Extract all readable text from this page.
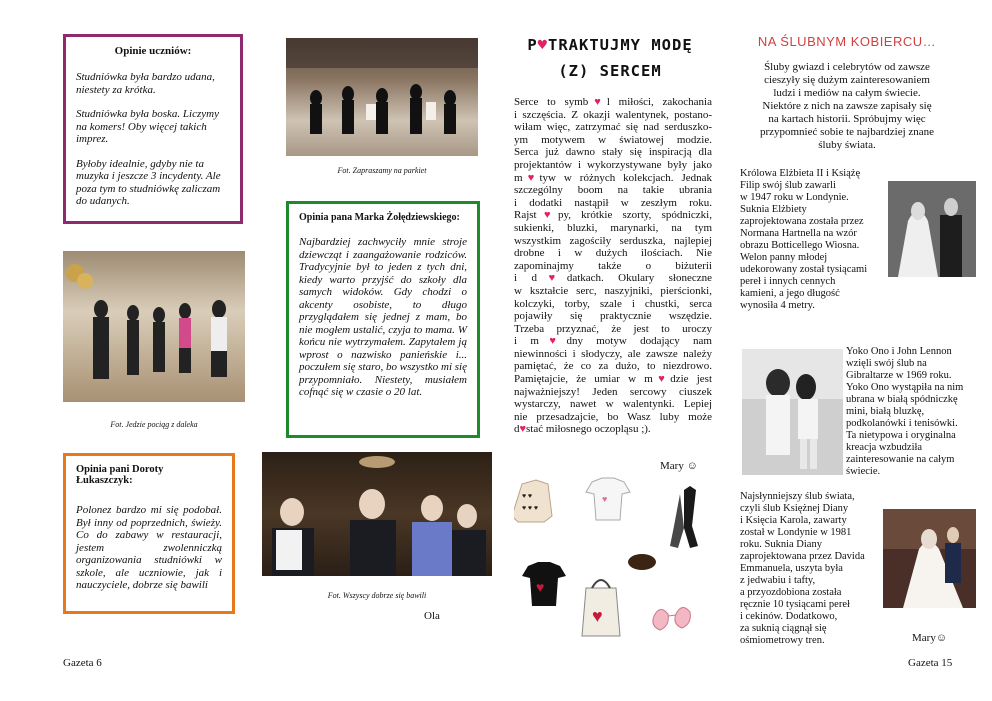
Opinie uczniów:

Studniówka była bardzo udana, niestety za krótka.

Studniówka była boska. Liczymy na komers! Oby więcej takich imprez.

Byłoby idealnie, gdyby nie ta muzyka i jeszcze 3 incydenty. Ale poza tym to studniówkę zaliczam do udanych.

Fot. Zapraszamy na parkiet
Fot. Jedzie pociąg z daleka
Opinia pana Marka Żołędziewskiego:

Najbardziej zachwyciły mnie stroje dziewcząt i zaangażowanie rodziców. Tradycyjnie był to jeden z tych dni, kiedy warto przyjść do szkoły dla samych widoków. Gdy chodzi o akcenty osobiste, to długo przyglądałem się jednej z mam, bo nie mogłem ustalić, czyja to mama. W końcu nie wytrzymałem. Zapytałem ją wprost o nazwisko panieńskie i... poczułem się staro, bo wszystko mi się przypomniało. Niestety, musiałem cofnąć się w czasie o 20 lat.

Opinia pani Doroty Łukaszczyk:

Polonez bardzo mi się podobał. Był inny od poprzednich, świeży. Co do zabawy w restauracji, jestem zwolenniczką organizowania studniówki w szkole, ale uczniowie, jak i nauczyciele, dobrze się bawili

Fot. Wszyscy dobrze się bawili
Ola
Gazeta 6
P♥TRAKTUJMY MODĘ
(Z) SERCEM
Serce to symb♥l miłości, zakochania
i szczęścia. Z okazji walentynek, postano-
wiłam więc, zatrzymać się nad serduszko-
ym motywem w światowej modzie.
Serca już dawno stały się inspiracją dla
projektantów i wykorzystywane były jako
m♥tyw w różnych kolekcjach. Jednak
szczególny boom na takie ubrania
i dodatki nastąpił w zeszłym roku.
Rajst♥py, krótkie szorty, spódniczki,
sukienki, bluzki, marynarki, na tym
wszystkim zagościły serduszka, najlepiej
drobne i w dużych ilościach. Nie
zapominajmy także o biżuterii
i d♥datkach. Okulary słoneczne
w kształcie serc, naszyjniki, pierścionki,
kolczyki, torby, szale i chustki, serca
pojawiły się praktycznie wszędzie.
Trzeba przyznać, że jest to uroczy
i m♥dny motyw dodający nam
niewinności i słodyczy, ale zawsze należy
pamiętać, że co za dużo, to niezdrowo.
Pamiętajcie, że umiar w m♥dzie jest
najważniejszy! Jeden sercowy ciuszek
wystarczy, nawet w walentynki. Lepiej
nie przesadzajcie, bo Wasz luby może
d♥stać miłosnego oczopląsu ;).
Mary ☺
♥ ♥
♥ ♥ ♥
♥
♥
♥
NA ŚLUBNYM KOBIERCU…
Śluby gwiazd i celebrytów od zawsze
cieszyły się dużym zainteresowaniem
ludzi i mediów na całym świecie.
Niektóre z nich na zawsze zapisały się
na kartach historii. Spróbujmy więc
przypomnieć sobie te najbardziej znane
śluby świata.
Królowa Elżbieta II i Książę
Filip swój ślub zawarli
w 1947 roku w Londynie.
Suknia Elżbiety
zaprojektowana została przez
Normana Hartnella na wzór
obrazu Botticellego Wiosna.
Welon panny młodej
udekorowany został tysiącami
pereł i innych cennych
kamieni, a jego długość
wynosiła 4 metry.
Yoko Ono i John Lennon
wzięli swój ślub na
Gibraltarze w 1969 roku.
Yoko Ono wystąpiła na nim
ubrana w białą spódniczkę
mini, białą bluzkę,
podkolanówki i tenisówki.
Ta nietypowa i oryginalna
kreacja wzbudziła
zainteresowanie na całym
świecie.
Najsłynniejszy ślub świata,
czyli ślub Księżnej Diany
i Księcia Karola, zawarty
został w Londynie w 1981
roku. Suknia Diany
zaprojektowana przez Davida
Emmanuela, uszyta była
z jedwabiu i tafty,
a przyozdobiona została
ręcznie 10 tysiącami pereł
i cekinów. Dodatkowo,
za suknią ciągnął się
ośmiometrowy tren.	Mary☺
Gazeta 15
